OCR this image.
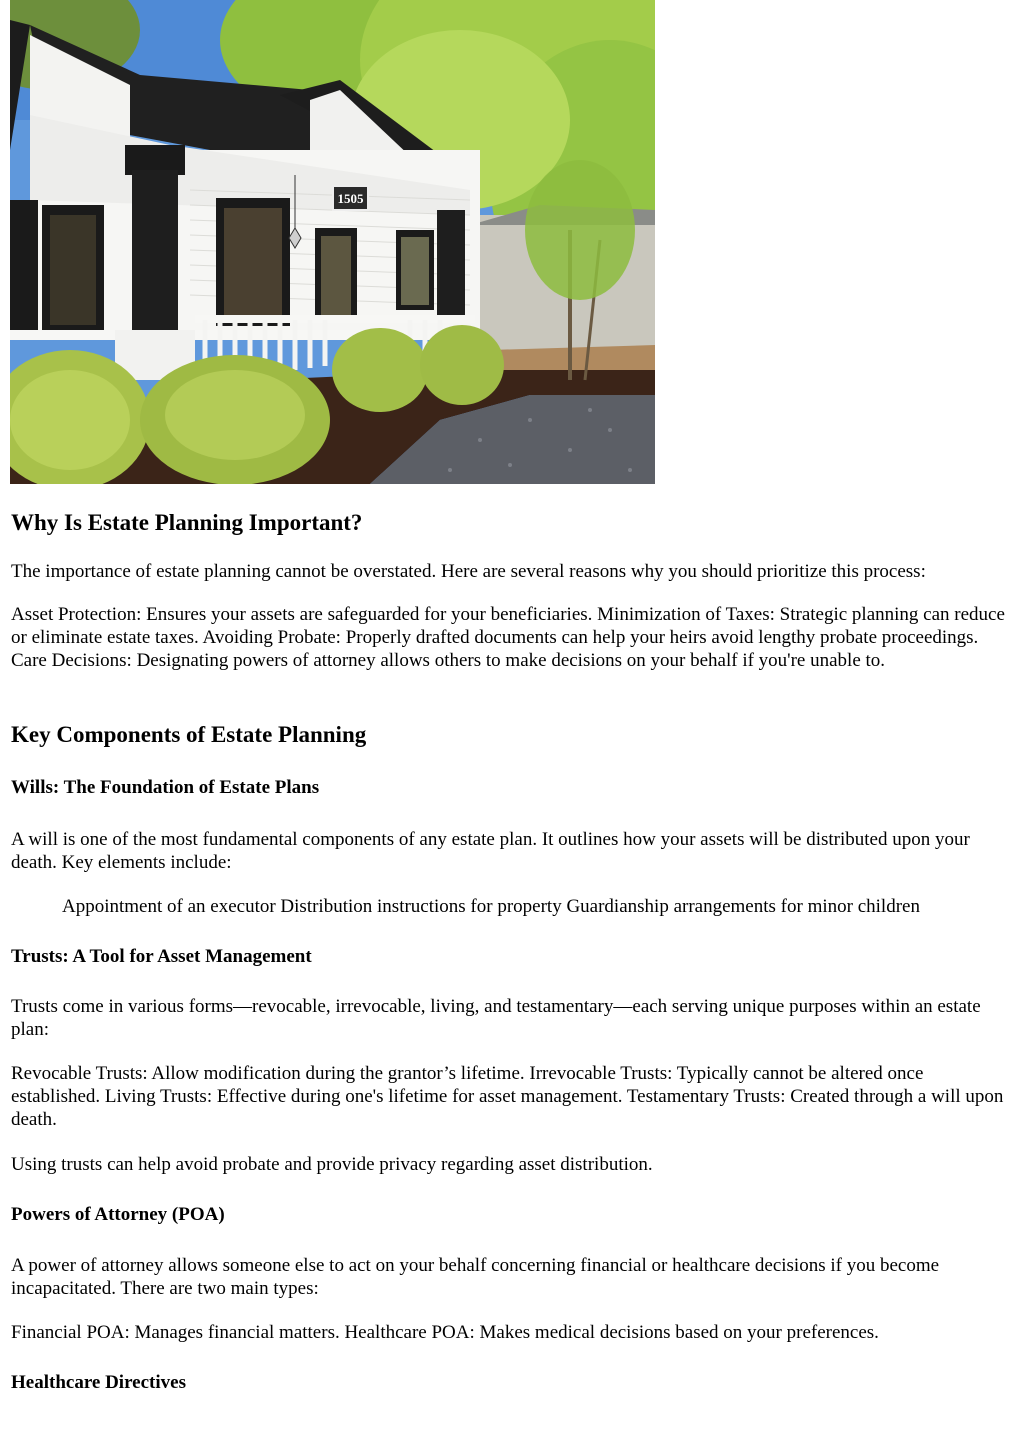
1505
Why Is Estate Planning Important?

The importance of estate planning cannot be overstated. Here are several reasons why you should prioritize this process:

Asset Protection: Ensures your assets are safeguarded for your beneficiaries. Minimization of Taxes: Strategic planning can reduce or eliminate estate taxes. Avoiding Probate: Properly drafted documents can help your heirs avoid lengthy probate proceedings. Care Decisions: Designating powers of attorney allows others to make decisions on your behalf if you're unable to.

Key Components of Estate Planning
Wills: The Foundation of Estate Plans

A will is one of the most fundamental components of any estate plan. It outlines how your assets will be distributed upon your death. Key elements include:

Appointment of an executor Distribution instructions for property Guardianship arrangements for minor children

Trusts: A Tool for Asset Management

Trusts come in various forms—revocable, irrevocable, living, and testamentary—each serving unique purposes within an estate plan:

Revocable Trusts: Allow modification during the grantor’s lifetime. Irrevocable Trusts: Typically cannot be altered once established. Living Trusts: Effective during one's lifetime for asset management. Testamentary Trusts: Created through a will upon death.

Using trusts can help avoid probate and provide privacy regarding asset distribution.

Powers of Attorney (POA)

A power of attorney allows someone else to act on your behalf concerning financial or healthcare decisions if you become incapacitated. There are two main types:

Financial POA: Manages financial matters. Healthcare POA: Makes medical decisions based on your preferences.

Healthcare Directives
